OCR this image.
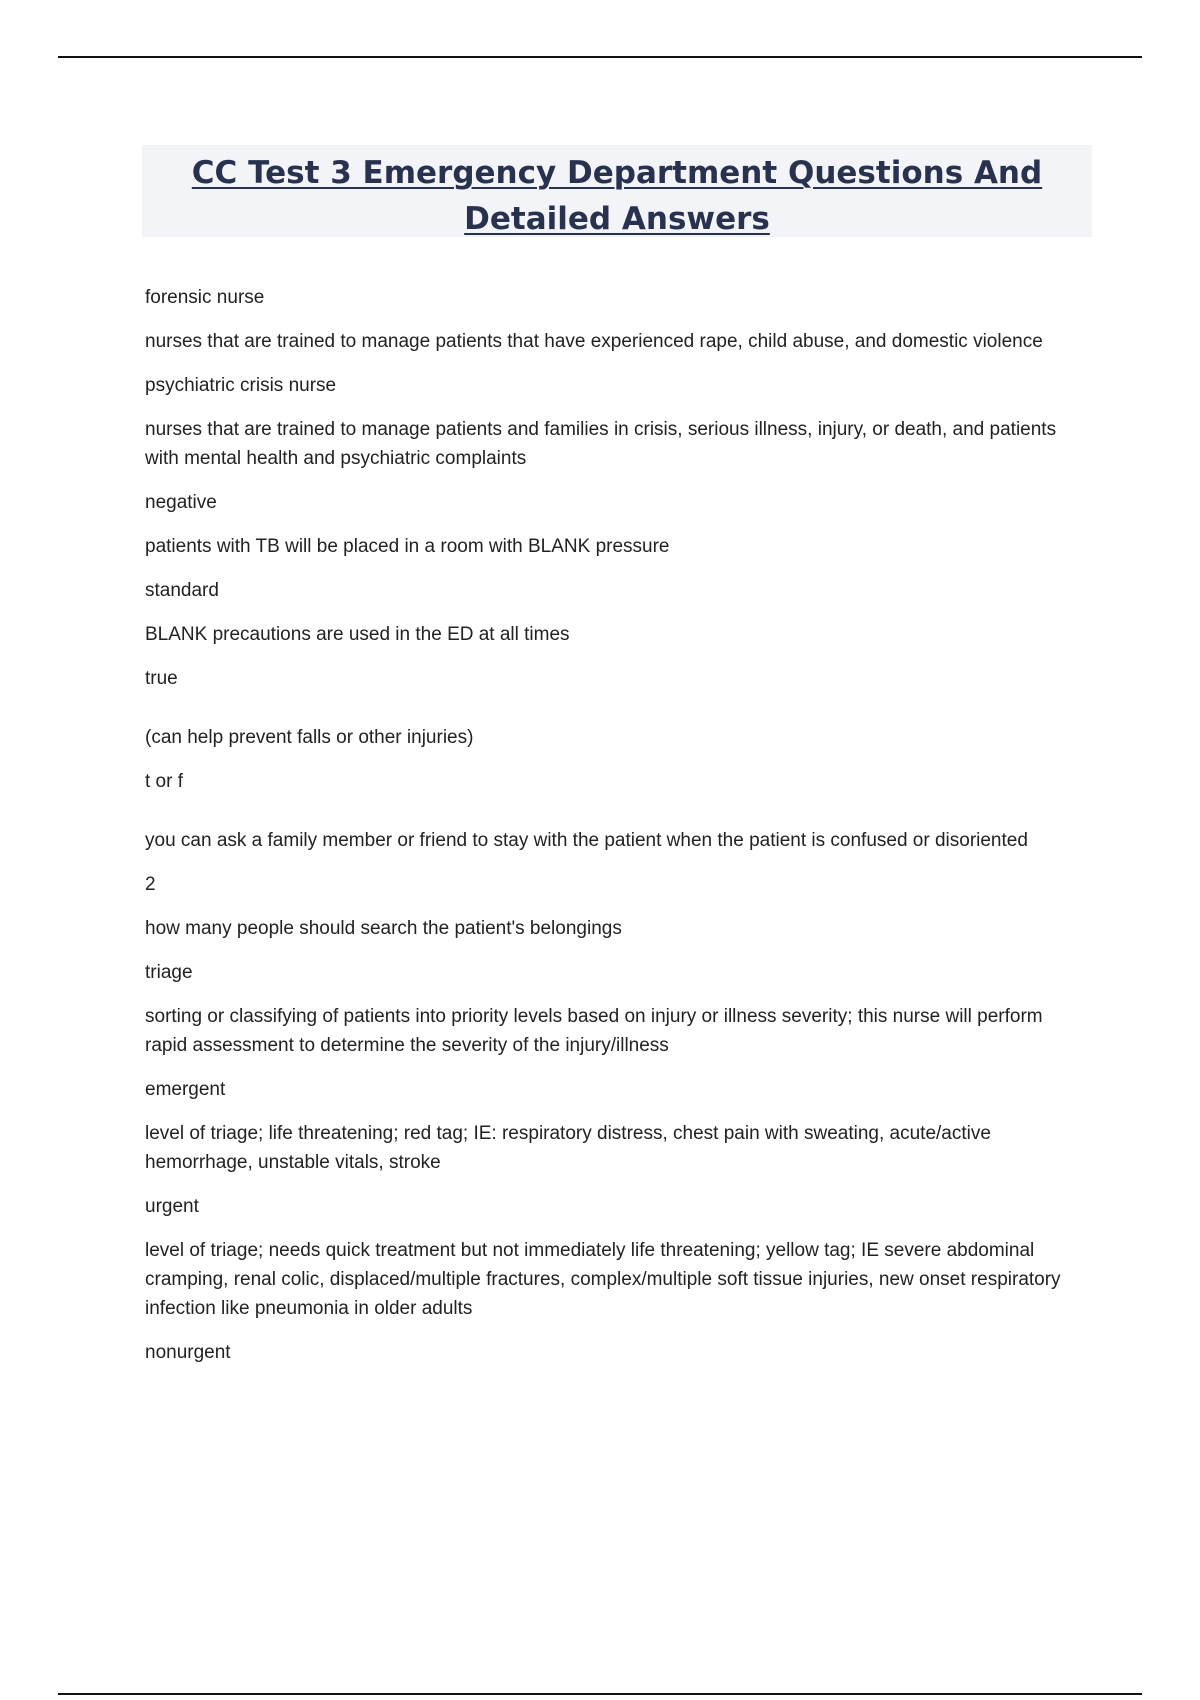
CC Test 3 Emergency Department Questions And Detailed Answers

forensic nurse

nurses that are trained to manage patients that have experienced rape, child abuse, and domestic violence

psychiatric crisis nurse

nurses that are trained to manage patients and families in crisis, serious illness, injury, or death, and patients with mental health and psychiatric complaints

negative

patients with TB will be placed in a room with BLANK pressure

standard

BLANK precautions are used in the ED at all times

true

(can help prevent falls or other injuries)

t or f

you can ask a family member or friend to stay with the patient when the patient is confused or disoriented

2

how many people should search the patient's belongings

triage

sorting or classifying of patients into priority levels based on injury or illness severity; this nurse will perform rapid assessment to determine the severity of the injury/illness

emergent

level of triage; life threatening; red tag; IE: respiratory distress, chest pain with sweating, acute/active hemorrhage, unstable vitals, stroke

urgent

level of triage; needs quick treatment but not immediately life threatening; yellow tag; IE severe abdominal cramping, renal colic, displaced/multiple fractures, complex/multiple soft tissue injuries, new onset respiratory infection like pneumonia in older adults

nonurgent
